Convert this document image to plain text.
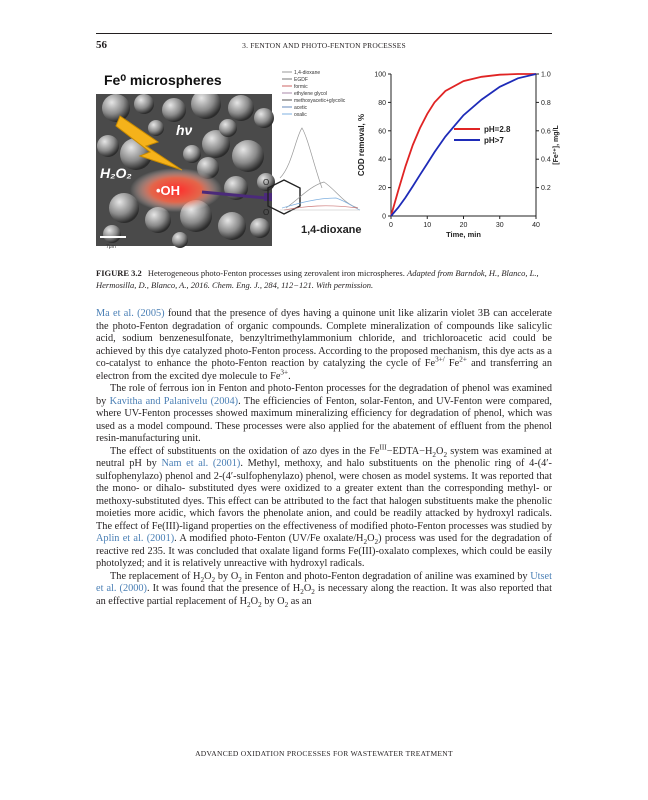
56	3. FENTON AND PHOTO-FENTON PROCESSES
Fe⁰ microspheres
hν
H₂O₂
•OH
7μm
O
O
1,4-dioxane
1,4-dioxane
EGDF
formic
ethylene glycol
methoxyacetic+glycolic
acetic
oxalic
0	10	20	30	40
0
20
40
60
80
100
0.2
0.4
0.6
0.8
1.0
Time, min
COD removal, %	[Fe²⁺], mg/L
pH=2.8
pH>7
FIGURE 3.2 Heterogeneous photo-Fenton processes using zerovalent iron microspheres. Adapted from Barndok, H., Blanco, L., Hermosilla, D., Blanco, A., 2016. Chem. Eng. J., 284, 112−121. With permission.

Ma et al. (2005) found that the presence of dyes having a quinone unit like alizarin violet 3B can accelerate the photo-Fenton degradation of organic compounds. Complete mineralization of compounds like salicylic acid, sodium benzenesulfonate, benzyltrimethylammonium chloride, and trichloroacetic acid could be achieved by this dye catalyzed photo-Fenton process. According to the proposed mechanism, this dye acts as a co-catalyst to enhance the photo-Fenton reaction by catalyzing the cycle of $Fe^{3+/}$ $Fe^{2+}$ and transferring an electron from the excited dye molecule to $Fe^{3+}$.

The role of ferrous ion in Fenton and photo-Fenton processes for the degradation of phenol was examined by Kavitha and Palanivelu (2004). The efficiencies of Fenton, solar-Fenton, and UV-Fenton were compared, where UV-Fenton processes showed maximum mineralizing efficiency for degradation of phenol, which was used as a model compound. These processes were also applied for the abatement of effluent from the phenol resin-manufacturing unit.

The effect of substituents on the oxidation of azo dyes in the $Fe^{III}-EDTA-H_2O_2$ system was examined at neutral pH by Nam et al. (2001). Methyl, methoxy, and halo substituents on the phenolic ring of 4-(4′-sulfophenylazo) phenol and 2-(4′-sulfophenylazo) phenol, were chosen as model systems. It was reported that the mono- or dihalo- substituted dyes were oxidized to a greater extent than the corresponding methyl- or methoxy-substituted dyes. This effect can be attributed to the fact that halogen substituents make the phenolic moieties more acidic, which favors the phenolate anion, and could be readily attacked by hydroxyl radicals. The effect of Fe(III)-ligand properties on the effectiveness of modified photo-Fenton processes was studied by Aplin et al. (2001). A modified photo-Fenton (UV/Fe oxalate/$H_2O_2$) process was used for the degradation of reactive red 235. It was concluded that oxalate ligand forms Fe(III)-oxalato complexes, which could be easily photolyzed; and it is relatively unreactive with hydroxyl radicals.

The replacement of $H_2O_2$ by $O_2$ in Fenton and photo-Fenton degradation of aniline was examined by Utset et al. (2000). It was found that the presence of $H_2O_2$ is necessary along the reaction. It was also reported that an effective partial replacement of $H_2O_2$ by $O_2$ as an

ADVANCED OXIDATION PROCESSES FOR WASTEWATER TREATMENT
